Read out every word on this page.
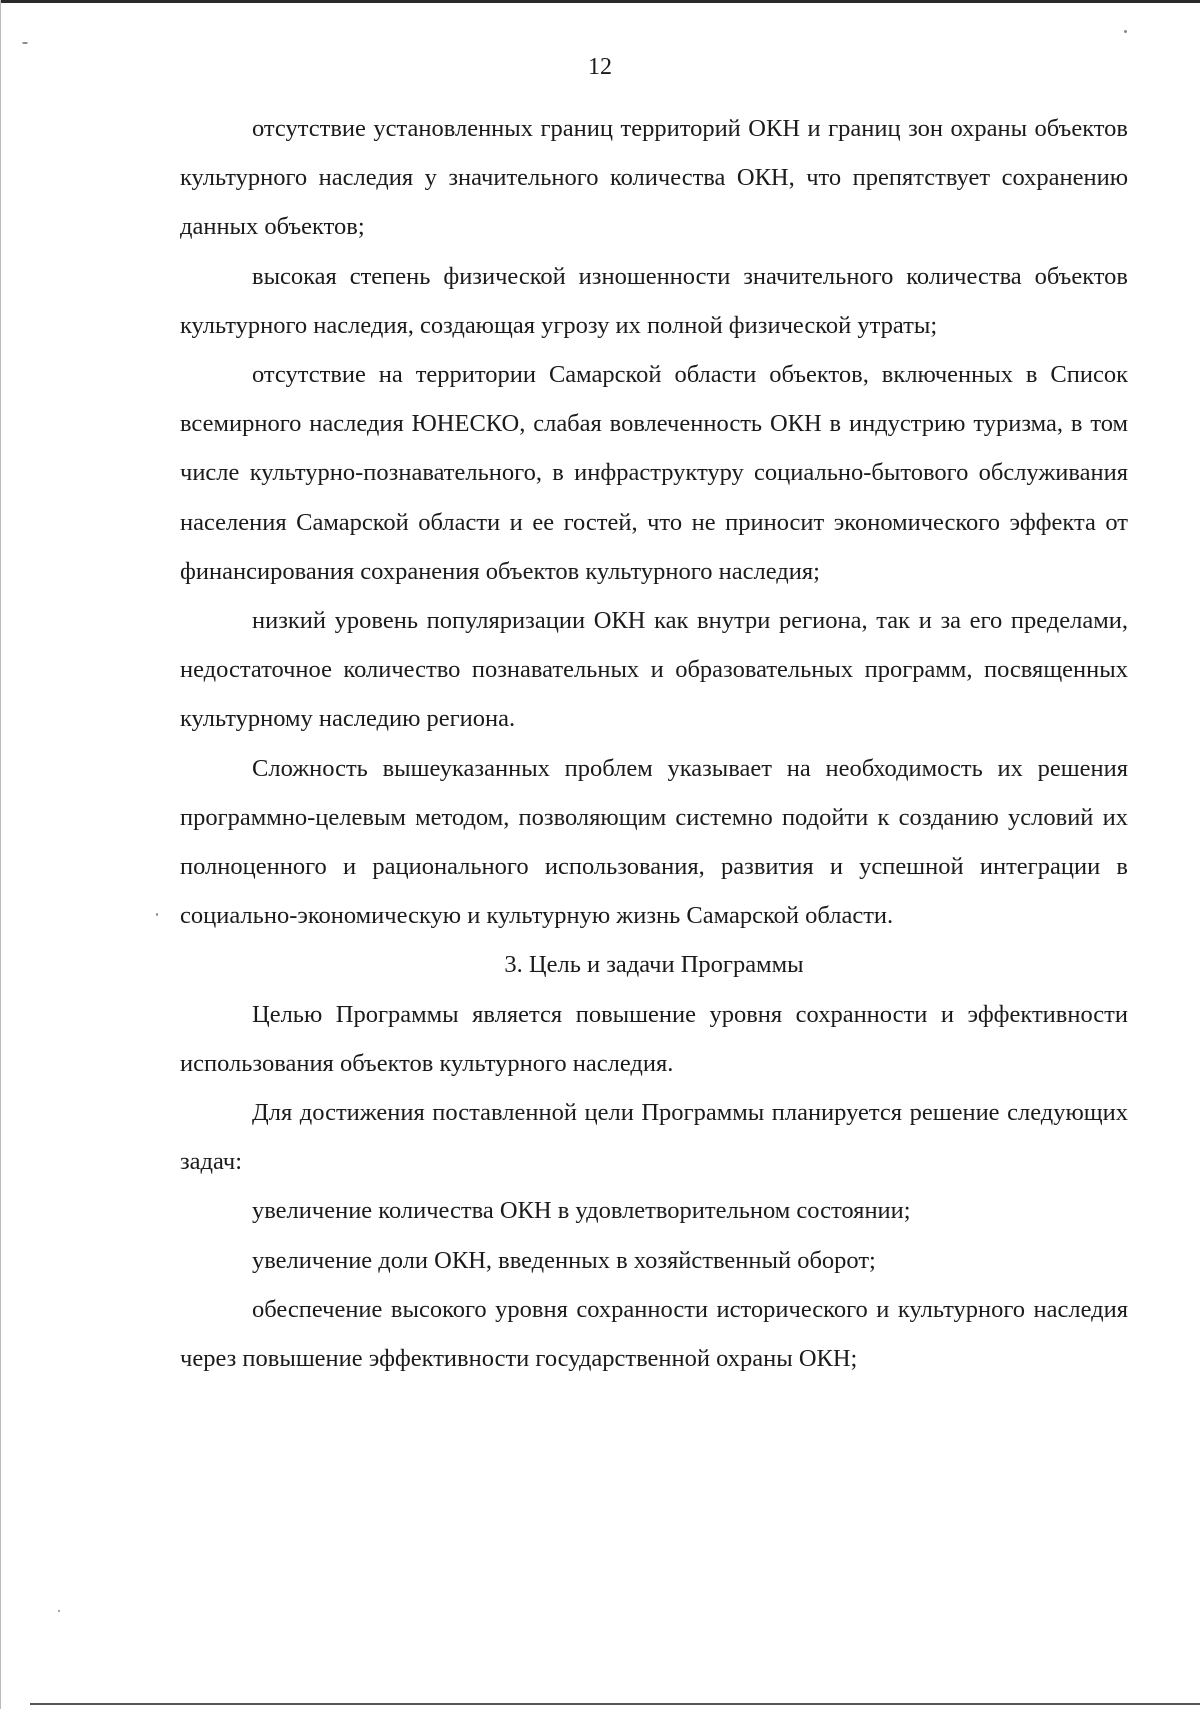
12

отсутствие установленных границ территорий ОКН и границ зон охраны объектов культурного наследия у значительного количества ОКН, что препятствует сохранению данных объектов;

высокая степень физической изношенности значительного количества объектов культурного наследия, создающая угрозу их полной физической утраты;

отсутствие на территории Самарской области объектов, включенных в Список всемирного наследия ЮНЕСКО, слабая вовлеченность ОКН в индустрию туризма, в том числе культурно-познавательного, в инфраструктуру социально-бытового обслуживания населения Самарской области и ее гостей, что не приносит экономического эффекта от финансирования сохранения объектов культурного наследия;

низкий уровень популяризации ОКН как внутри региона, так и за его пределами, недостаточное количество познавательных и образовательных программ, посвященных культурному наследию региона.

Сложность вышеуказанных проблем указывает на необходимость их решения программно-целевым методом, позволяющим системно подойти к созданию условий их полноценного и рационального использования, развития и успешной интеграции в социально-экономическую и культурную жизнь Самарской области.

3. Цель и задачи Программы

Целью Программы является повышение уровня сохранности и эффективности использования объектов культурного наследия.

Для достижения поставленной цели Программы планируется решение следующих задач:

увеличение количества ОКН в удовлетворительном состоянии;

увеличение доли ОКН, введенных в хозяйственный оборот;

обеспечение высокого уровня сохранности исторического и культурного наследия через повышение эффективности государственной охраны ОКН;
